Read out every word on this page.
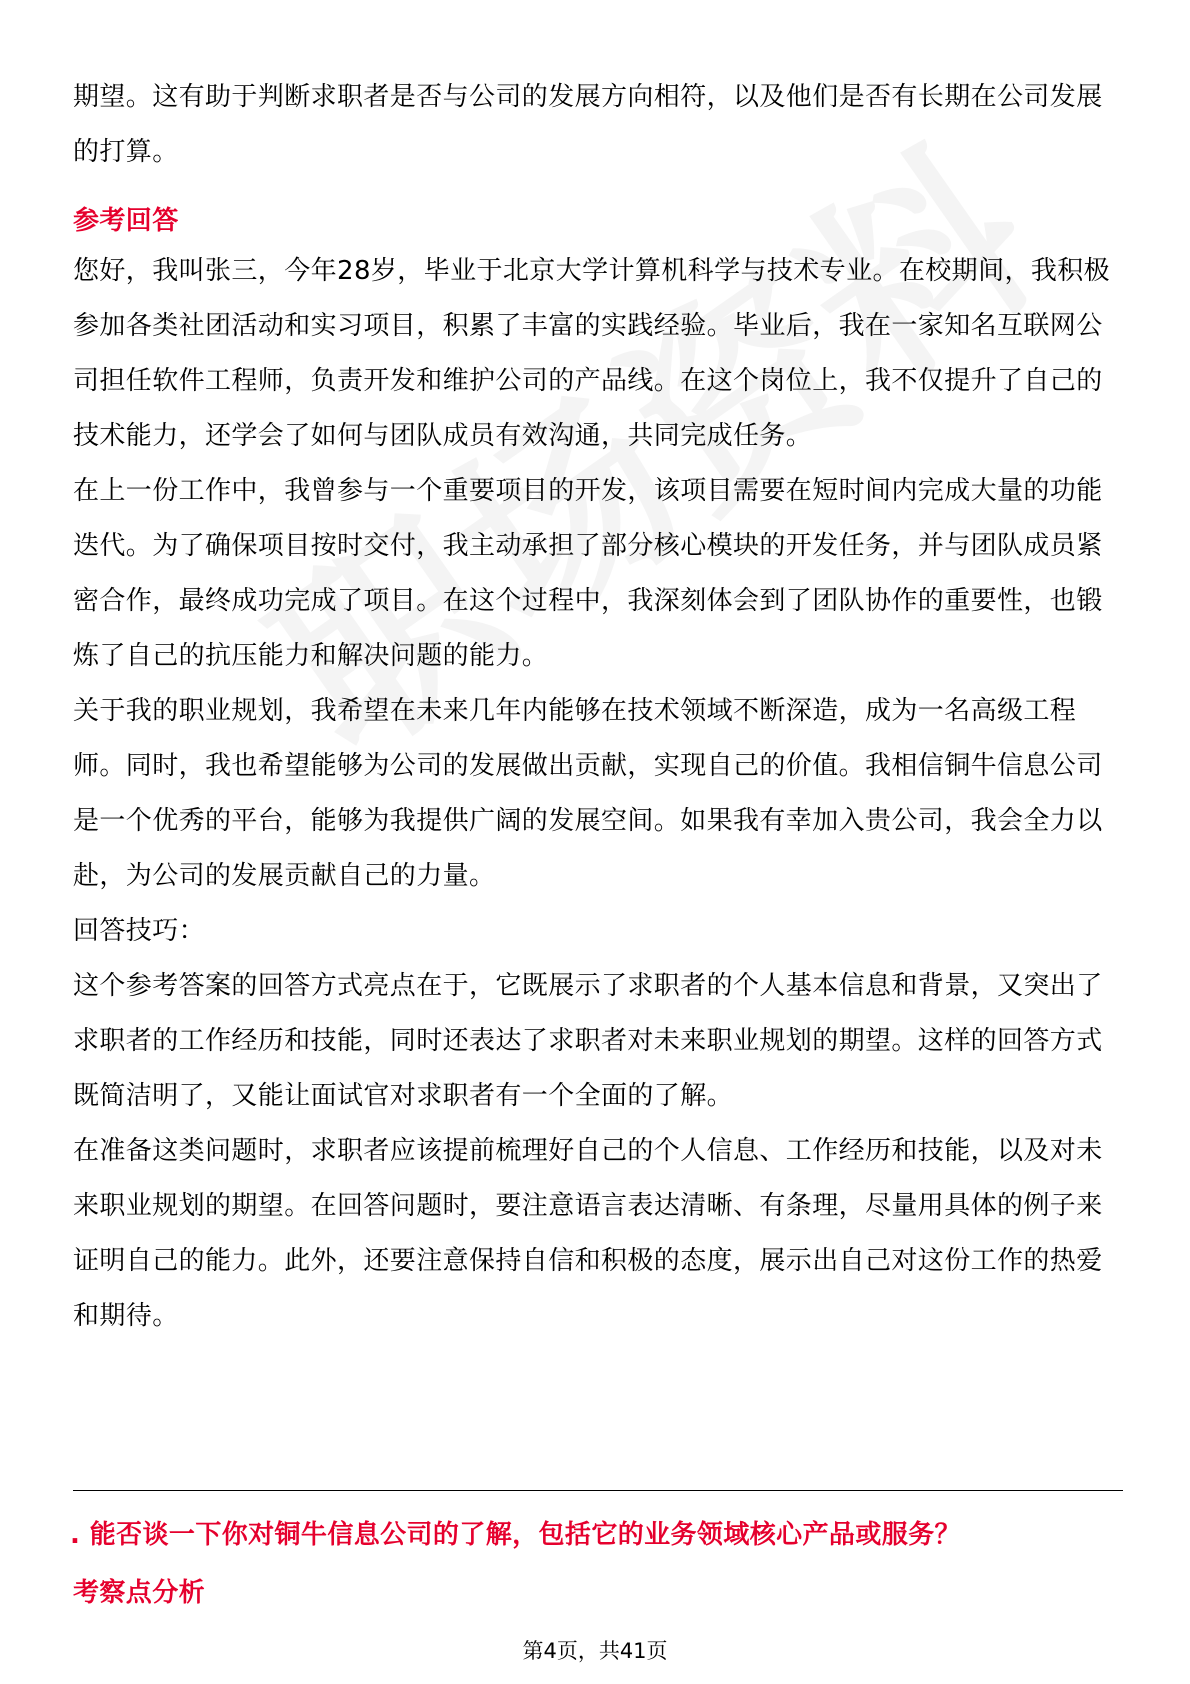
期望。这有助于判断求职者是否与公司的发展方向相符，以及他们是否有长期在公司发展的打算。

参考回答

您好，我叫张三，今年28岁，毕业于北京大学计算机科学与技术专业。在校期间，我积极参加各类社团活动和实习项目，积累了丰富的实践经验。毕业后，我在一家知名互联网公司担任软件工程师，负责开发和维护公司的产品线。在这个岗位上，我不仅提升了自己的技术能力，还学会了如何与团队成员有效沟通，共同完成任务。

在上一份工作中，我曾参与一个重要项目的开发，该项目需要在短时间内完成大量的功能迭代。为了确保项目按时交付，我主动承担了部分核心模块的开发任务，并与团队成员紧密合作，最终成功完成了项目。在这个过程中，我深刻体会到了团队协作的重要性，也锻炼了自己的抗压能力和解决问题的能力。

关于我的职业规划，我希望在未来几年内能够在技术领域不断深造，成为一名高级工程师。同时，我也希望能够为公司的发展做出贡献，实现自己的价值。我相信铜牛信息公司是一个优秀的平台，能够为我提供广阔的发展空间。如果我有幸加入贵公司，我会全力以赴，为公司的发展贡献自己的力量。

回答技巧：

这个参考答案的回答方式亮点在于，它既展示了求职者的个人基本信息和背景，又突出了求职者的工作经历和技能，同时还表达了求职者对未来职业规划的期望。这样的回答方式既简洁明了，又能让面试官对求职者有一个全面的了解。

在准备这类问题时，求职者应该提前梳理好自己的个人信息、工作经历和技能，以及对未来职业规划的期望。在回答问题时，要注意语言表达清晰、有条理，尽量用具体的例子来证明自己的能力。此外，还要注意保持自信和积极的态度，展示出自己对这份工作的热爱和期待。

. 能否谈一下你对铜牛信息公司的了解，包括它的业务领域核心产品或服务？
考察点分析
第4页，共41页
